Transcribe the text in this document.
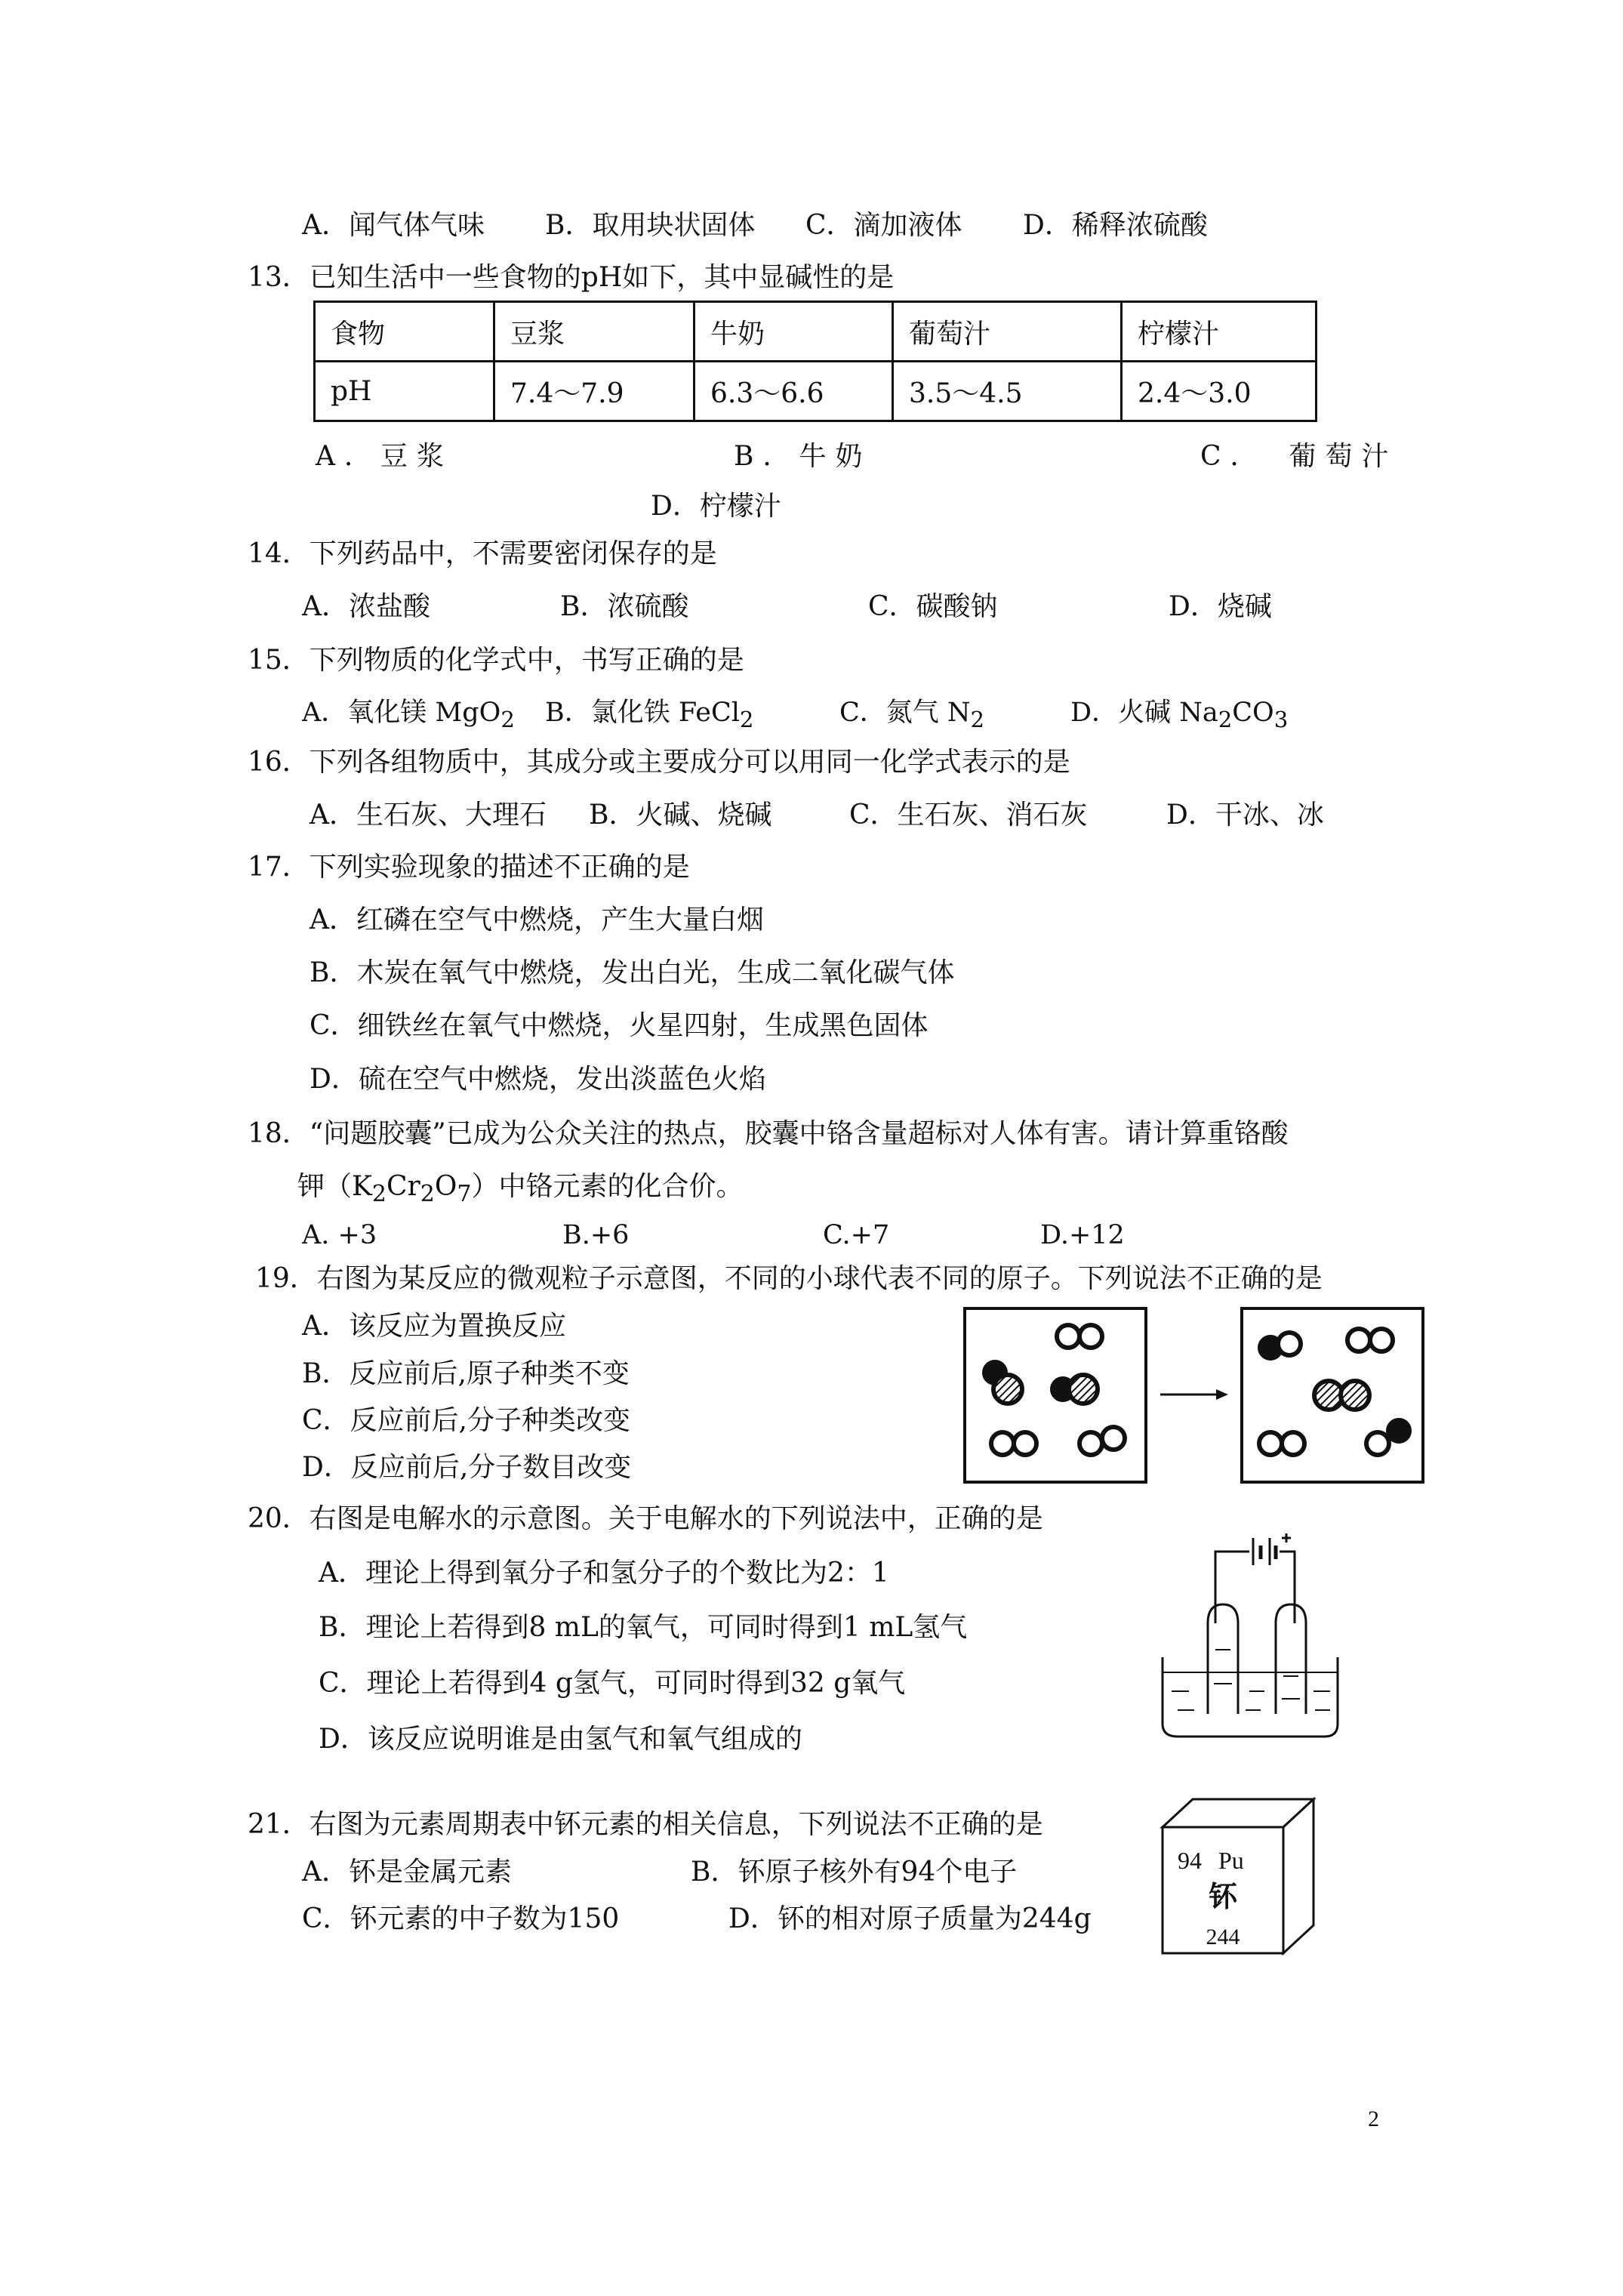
A．闻气体气味 B．取用块状固体 C．滴加液体 D．稀释浓硫酸
13．已知生活中一些食物的pH如下，其中显碱性的是
食物	豆浆	牛奶	葡萄汁	柠檬汁
pH	7.4～7.9	6.3～6.6	3.5～4.5	2.4～3.0
A．豆浆	B．牛奶	C．　葡萄汁
D．柠檬汁
14．下列药品中，不需要密闭保存的是
A．浓盐酸	B．浓硫酸	C．碳酸钠	D．烧碱
15．下列物质的化学式中，书写正确的是
A．氧化镁 MgO$_2$ B．氯化铁 FeCl$_2$	C．氮气 $N_2$	D．火碱 $Na_2CO_3$
16．下列各组物质中，其成分或主要成分可以用同一化学式表示的是
A．生石灰、大理石 B．火碱、烧碱	C．生石灰、消石灰	D．干冰、冰
17．下列实验现象的描述不正确的是
A．红磷在空气中燃烧，产生大量白烟
B．木炭在氧气中燃烧，发出白光，生成二氧化碳气体
C．细铁丝在氧气中燃烧，火星四射，生成黑色固体
D．硫在空气中燃烧，发出淡蓝色火焰
18．“问题胶囊”已成为公众关注的热点，胶囊中铬含量超标对人体有害。请计算重铬酸
钾$(K_2Cr_2O_7)$中铬元素的化合价。
A. +3	B.+6	C.+7	D.+12
19．右图为某反应的微观粒子示意图，不同的小球代表不同的原子。下列说法不正确的是
A．该反应为置换反应
B．反应前后,原子种类不变
C．反应前后,分子种类改变
D．反应前后,分子数目改变
20．右图是电解水的示意图。关于电解水的下列说法中，正确的是
A．理论上得到氧分子和氢分子的个数比为2：1
B．理论上若得到8 mL的氧气，可同时得到1 mL氢气
C．理论上若得到4 g氢气，可同时得到32 g氧气
D．该反应说明谁是由氢气和氧气组成的
21．右图为元素周期表中钚元素的相关信息，下列说法不正确的是
A．钚是金属元素	B．钚原子核外有94个电子
C．钚元素的中子数为150	D．钚的相对原子质量为244g
94 Pu
钚
244
2
